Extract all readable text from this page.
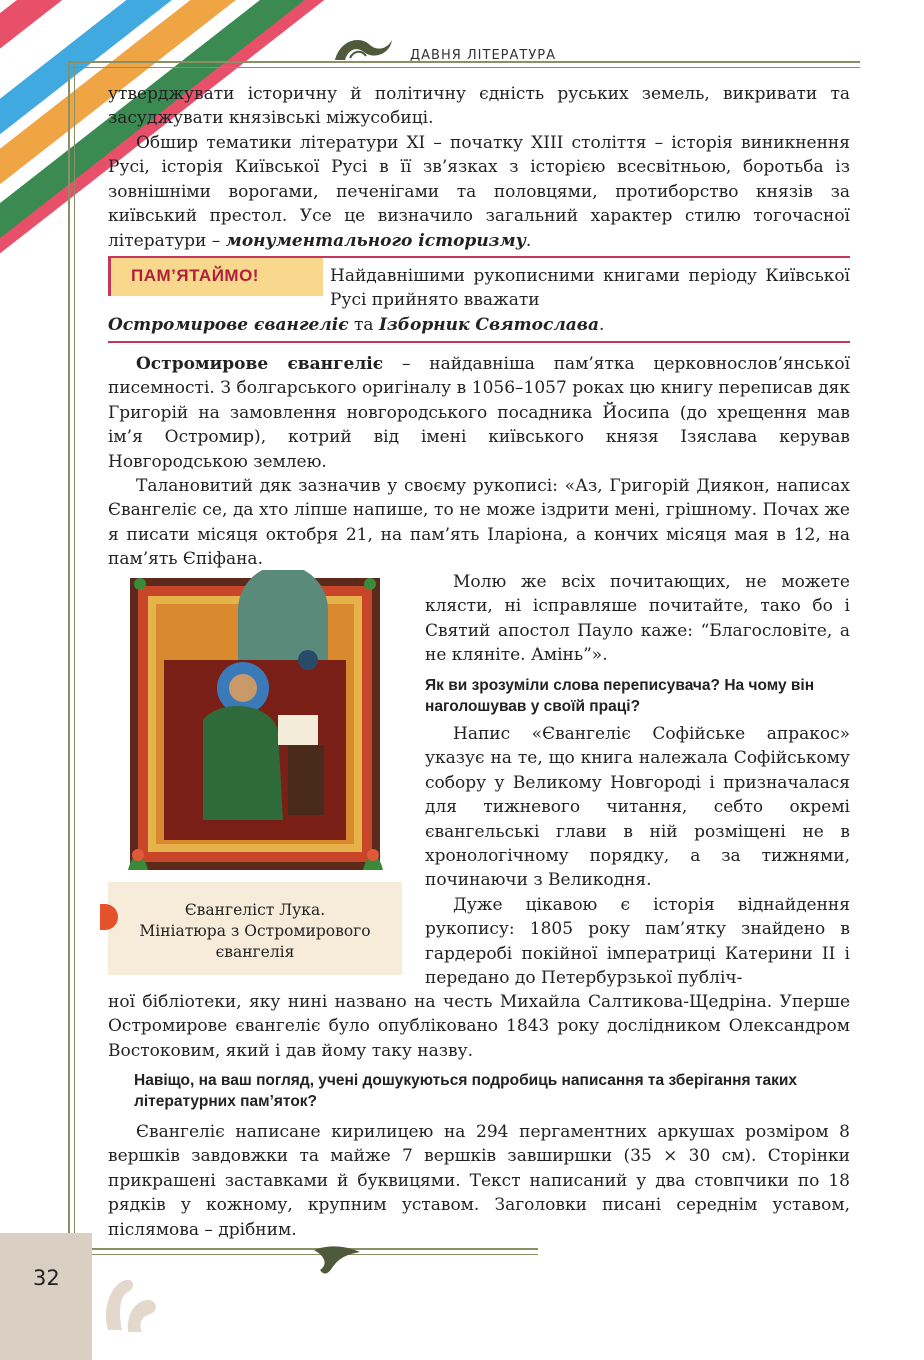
ДАВНЯ ЛІТЕРАТУРА

утверджувати історичну й політичну єдність руських земель, викривати та засуджувати князівські міжусобиці.

Обшир тематики літератури XI – початку XIII століття – історія виникнення Русі, історія Київської Русі в її зв’язках з історією всесвітньою, боротьба із зовнішніми ворогами, печенігами та половцями, протиборство князів за київський престол. Усе це визначило загальний характер стилю тогочасної літератури – монументального історизму.

ПАМ’ЯТАЙМО!	Найдавнішими рукописними книгами періоду Київської Русі прийнято вважати

Остромирове євангеліє та Ізборник Святослава.

Остромирове євангеліє – найдавніша пам’ятка церковнослов’янської писемності. З болгарського оригіналу в 1056–1057 роках цю книгу переписав дяк Григорій на замовлення новгородського посадника Йосипа (до хрещення мав ім’я Остромир), котрий від імені київського князя Ізяслава керував Новгородською землею.

Талановитий дяк зазначив у своєму рукописі: «Аз, Григорій Диякон, написах Євангеліє се, да хто ліпше напише, то не може іздрити мені, грішному. Почах же я писати місяця октобря 21, на пам’ять Іларіона, а кончих місяця мая в 12, на пам’ять Єпіфана.

Євангеліст Лука.
Мініатюра з Остромирового
євангелія

Молю же всіх почитающих, не можете клясти, ні ісправляше почитайте, тако бо і Святий апостол Пауло каже: “Благословіте, а не кляніте. Амінь”».

Як ви зрозуміли слова переписувача? На чому він наголошував у своїй праці?

Напис «Євангеліє Софійське апракос» указує на те, що книга належала Софійському собору у Великому Новгороді і призначалася для тижневого читання, себто окремі євангельські глави в ній розміщені не в хронологічному порядку, а за тижнями, починаючи з Великодня.

Дуже цікавою є історія віднайдення рукопису: 1805 року пам’ятку знайдено в гардеробі покійної імператриці Катерини II і передано до Петербурзької публіч-

ної бібліотеки, яку нині названо на честь Михайла Салтикова-Щедріна. Уперше Остромирове євангеліє було опубліковано 1843 року дослідником Олександром Востоковим, який і дав йому таку назву.

Навіщо, на ваш погляд, учені дошукуються подробиць написання та зберігання таких літературних пам’яток?

Євангеліє написане кирилицею на 294 пергаментних аркушах розміром 8 вершків завдовжки та майже 7 вершків завширшки (35 × 30 см). Сторінки прикрашені заставками й буквицями. Текст написаний у два стовпчики по 18 рядків у кожному, крупним уставом. Заголовки писані середнім уставом, післямова – дрібним.

32
